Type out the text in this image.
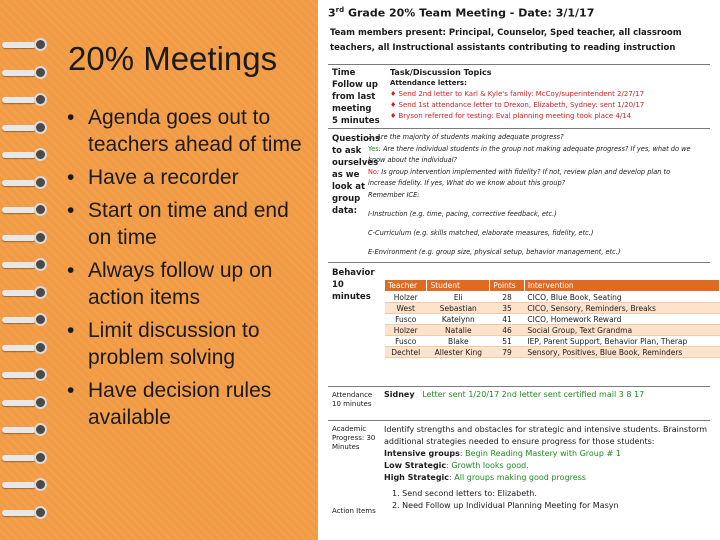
20% Meetings
• Agenda goes out to teachers ahead of time
• Have a recorder
• Start on time and end on time
• Always follow up on action items
• Limit discussion to problem solving
• Have decision rules available
3rd Grade 20% Team Meeting - Date: 3/1/17
Team members present: Principal, Counselor, Sped teacher, all classroom teachers, all Instructional assistants contributing to reading instruction
Time
Follow up from last meeting
5 minutes
Task/Discussion Topics
Attendance letters:
♦ Send 2nd letter to Karl & Kyle's family: McCoy/superintendent 2/27/17
♦ Send 1st attendance letter to Drexon, Elizabeth, Sydney: sent 1/20/17
♦ Bryson referred for testing: Eval planning meeting took place 4/14
Questions to ask ourselves as we look at group data:
1. Are the majority of students making adequate progress?
Yes: Are there individual students in the group not making adequate progress? If yes, what do we know about the individual?
No: Is group intervention implemented with fidelity? If not, review plan and develop plan to increase fidelity. If yes, What do we know about this group?
Remember ICE:
I-Instruction (e.g. time, pacing, corrective feedback, etc.)
C-Curriculum (e.g. skills matched, elaborate measures, fidelity, etc.)
E-Environment (e.g. group size, physical setup, behavior management, etc.)
Behavior
10 minutes
Teacher	Student	Points	Intervention
Holzer	Eli	28	CICO, Blue Book, Seating
West	Sebastian	35	CICO, Sensory, Reminders, Breaks
Fusco	Katelynn	41	CICO, Homework Reward
Holzer	Natalie	46	Social Group, Text Grandma
Fusco	Blake	51	IEP, Parent Support, Behavior Plan, Therap
Dechtel	Allester King	79	Sensory, Positives, Blue Book, Reminders
Attendance
10 minutes
Sidney Letter sent 1/20/17 2nd letter sent certified mail 3 8 17
Academic Progress: 30 Minutes
Action Items
Identify strengths and obstacles for strategic and intensive students. Brainstorm additional strategies needed to ensure progress for those students:
Intensive groups: Begin Reading Mastery with Group # 1
Low Strategic: Growth looks good.
High Strategic: All groups making good progress
1. Send second letters to: Elizabeth.
2. Need Follow up Individual Planning Meeting for Masyn
